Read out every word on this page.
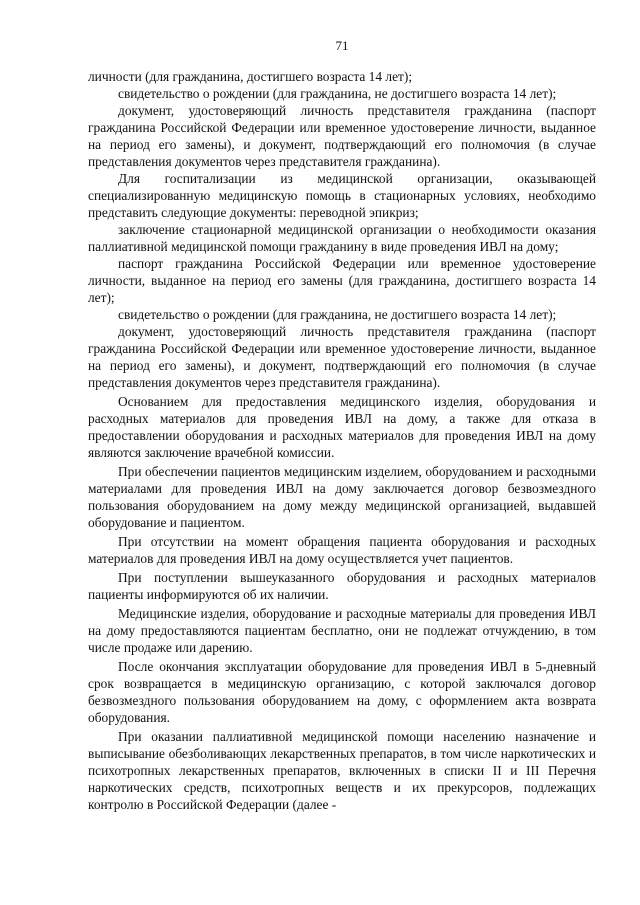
71

личности (для гражданина, достигшего возраста 14 лет);

свидетельство о рождении (для гражданина, не достигшего возраста 14 лет);

документ, удостоверяющий личность представителя гражданина (паспорт гражданина Российской Федерации или временное удостоверение личности, выданное на период его замены), и документ, подтверждающий его полномочия (в случае представления документов через представителя гражданина).

Для госпитализации из медицинской организации, оказывающей специализированную медицинскую помощь в стационарных условиях, необходимо представить следующие документы: переводной эпикриз;

заключение стационарной медицинской организации о необходимости оказания паллиативной медицинской помощи гражданину в виде проведения ИВЛ на дому;

паспорт гражданина Российской Федерации или временное удостоверение личности, выданное на период его замены (для гражданина, достигшего возраста 14 лет);

свидетельство о рождении (для гражданина, не достигшего возраста 14 лет);

документ, удостоверяющий личность представителя гражданина (паспорт гражданина Российской Федерации или временное удостоверение личности, выданное на период его замены), и документ, подтверждающий его полномочия (в случае представления документов через представителя гражданина).

Основанием для предоставления медицинского изделия, оборудования и расходных материалов для проведения ИВЛ на дому, а также для отказа в предоставлении оборудования и расходных материалов для проведения ИВЛ на дому являются заключение врачебной комиссии.

При обеспечении пациентов медицинским изделием, оборудованием и расходными материалами для проведения ИВЛ на дому заключается договор безвозмездного пользования оборудованием на дому между медицинской организацией, выдавшей оборудование и пациентом.

При отсутствии на момент обращения пациента оборудования и расходных материалов для проведения ИВЛ на дому осуществляется учет пациентов.

При поступлении вышеуказанного оборудования и расходных материалов пациенты информируются об их наличии.

Медицинские изделия, оборудование и расходные материалы для проведения ИВЛ на дому предоставляются пациентам бесплатно, они не подлежат отчуждению, в том числе продаже или дарению.

После окончания эксплуатации оборудование для проведения ИВЛ в 5-дневный срок возвращается в медицинскую организацию, с которой заключался договор безвозмездного пользования оборудованием на дому, с оформлением акта возврата оборудования.

При оказании паллиативной медицинской помощи населению назначение и выписывание обезболивающих лекарственных препаратов, в том числе наркотических и психотропных лекарственных препаратов, включенных в списки II и III Перечня наркотических средств, психотропных веществ и их прекурсоров, подлежащих контролю в Российской Федерации (далее -
